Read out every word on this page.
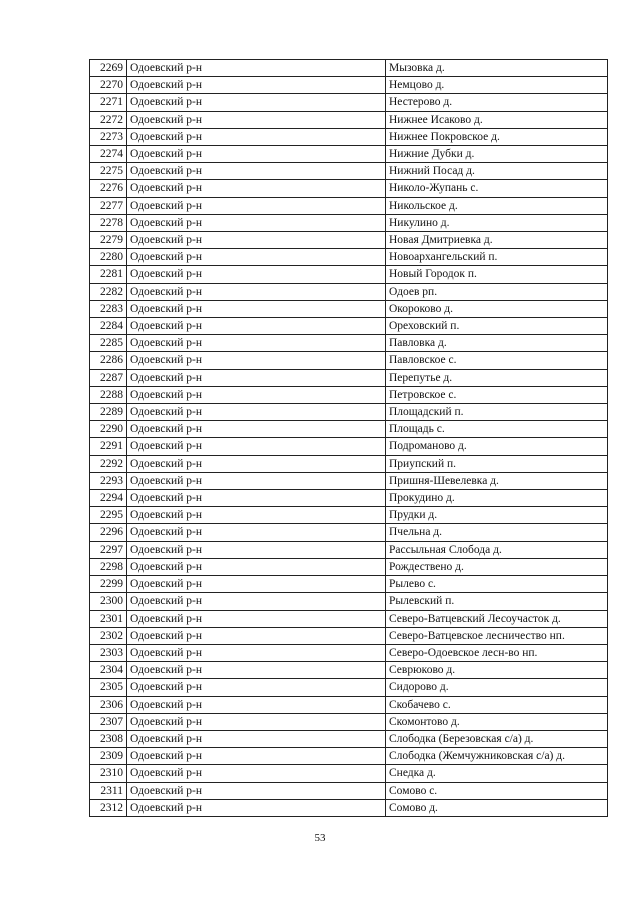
2269	Одоевский р-н	Мызовка д.
2270	Одоевский р-н	Немцово д.
2271	Одоевский р-н	Нестерово д.
2272	Одоевский р-н	Нижнее Исаково д.
2273	Одоевский р-н	Нижнее Покровское д.
2274	Одоевский р-н	Нижние Дубки д.
2275	Одоевский р-н	Нижний Посад д.
2276	Одоевский р-н	Николо-Жупань с.
2277	Одоевский р-н	Никольское д.
2278	Одоевский р-н	Никулино д.
2279	Одоевский р-н	Новая Дмитриевка д.
2280	Одоевский р-н	Новоархангельский п.
2281	Одоевский р-н	Новый Городок п.
2282	Одоевский р-н	Одоев рп.
2283	Одоевский р-н	Окороково д.
2284	Одоевский р-н	Ореховский п.
2285	Одоевский р-н	Павловка д.
2286	Одоевский р-н	Павловское с.
2287	Одоевский р-н	Перепутье д.
2288	Одоевский р-н	Петровское с.
2289	Одоевский р-н	Площадский п.
2290	Одоевский р-н	Площадь с.
2291	Одоевский р-н	Подроманово д.
2292	Одоевский р-н	Приупский п.
2293	Одоевский р-н	Пришня-Шевелевка д.
2294	Одоевский р-н	Прокудино д.
2295	Одоевский р-н	Прудки д.
2296	Одоевский р-н	Пчельна д.
2297	Одоевский р-н	Рассыльная Слобода д.
2298	Одоевский р-н	Рождествено д.
2299	Одоевский р-н	Рылево с.
2300	Одоевский р-н	Рылевский п.
2301	Одоевский р-н	Северо-Ватцевский Лесоучасток д.
2302	Одоевский р-н	Северо-Ватцевское лесничество нп.
2303	Одоевский р-н	Северо-Одоевское лесн-во нп.
2304	Одоевский р-н	Севрюково д.
2305	Одоевский р-н	Сидорово д.
2306	Одоевский р-н	Скобачево с.
2307	Одоевский р-н	Скомонтово д.
2308	Одоевский р-н	Слободка (Березовская с/а) д.
2309	Одоевский р-н	Слободка (Жемчужниковская с/а) д.
2310	Одоевский р-н	Снедка д.
2311	Одоевский р-н	Сомово с.
2312	Одоевский р-н	Сомово д.
53
